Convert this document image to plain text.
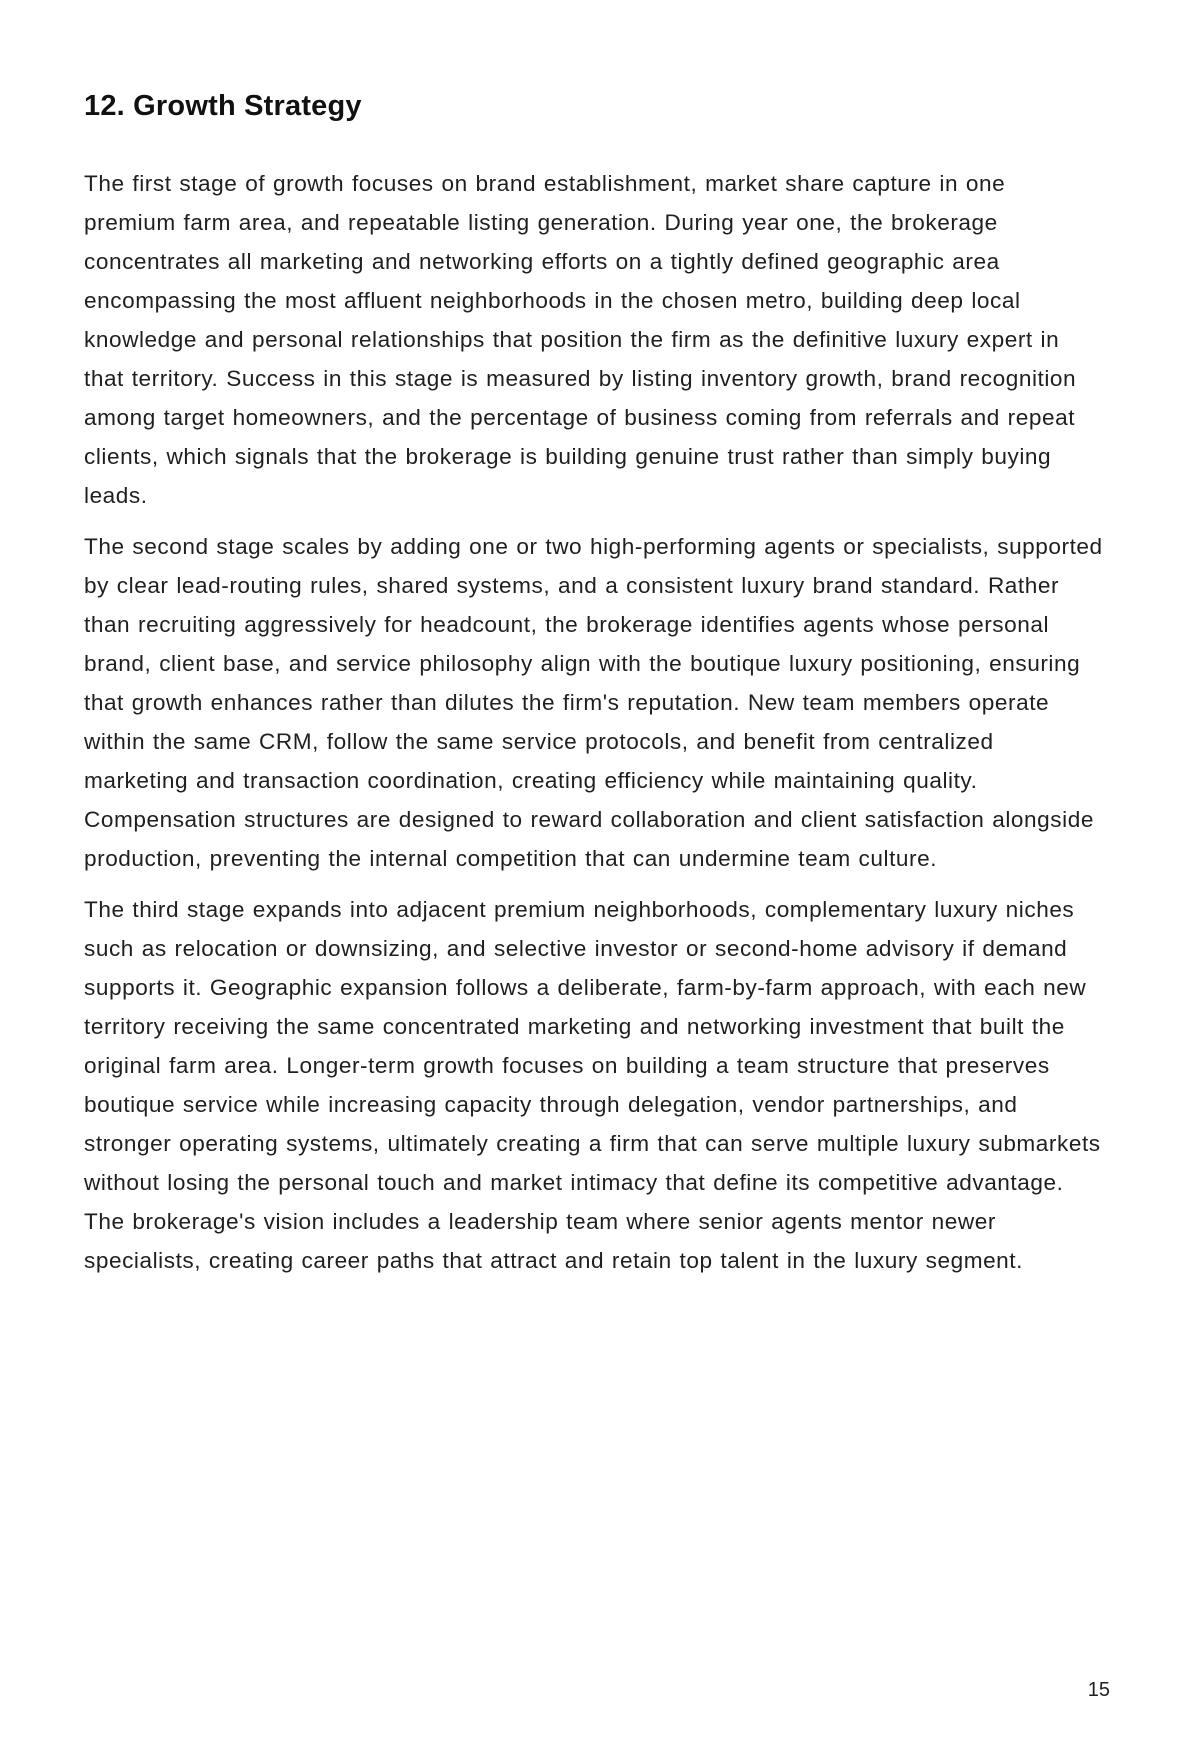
12. Growth Strategy

The first stage of growth focuses on brand establishment, market share capture in one premium farm area, and repeatable listing generation. During year one, the brokerage concentrates all marketing and networking efforts on a tightly defined geographic area encompassing the most affluent neighborhoods in the chosen metro, building deep local knowledge and personal relationships that position the firm as the definitive luxury expert in that territory. Success in this stage is measured by listing inventory growth, brand recognition among target homeowners, and the percentage of business coming from referrals and repeat clients, which signals that the brokerage is building genuine trust rather than simply buying leads.

The second stage scales by adding one or two high-performing agents or specialists, supported by clear lead-routing rules, shared systems, and a consistent luxury brand standard. Rather than recruiting aggressively for headcount, the brokerage identifies agents whose personal brand, client base, and service philosophy align with the boutique luxury positioning, ensuring that growth enhances rather than dilutes the firm's reputation. New team members operate within the same CRM, follow the same service protocols, and benefit from centralized marketing and transaction coordination, creating efficiency while maintaining quality. Compensation structures are designed to reward collaboration and client satisfaction alongside production, preventing the internal competition that can undermine team culture.

The third stage expands into adjacent premium neighborhoods, complementary luxury niches such as relocation or downsizing, and selective investor or second-home advisory if demand supports it. Geographic expansion follows a deliberate, farm-by-farm approach, with each new territory receiving the same concentrated marketing and networking investment that built the original farm area. Longer-term growth focuses on building a team structure that preserves boutique service while increasing capacity through delegation, vendor partnerships, and stronger operating systems, ultimately creating a firm that can serve multiple luxury submarkets without losing the personal touch and market intimacy that define its competitive advantage. The brokerage's vision includes a leadership team where senior agents mentor newer specialists, creating career paths that attract and retain top talent in the luxury segment.

15
